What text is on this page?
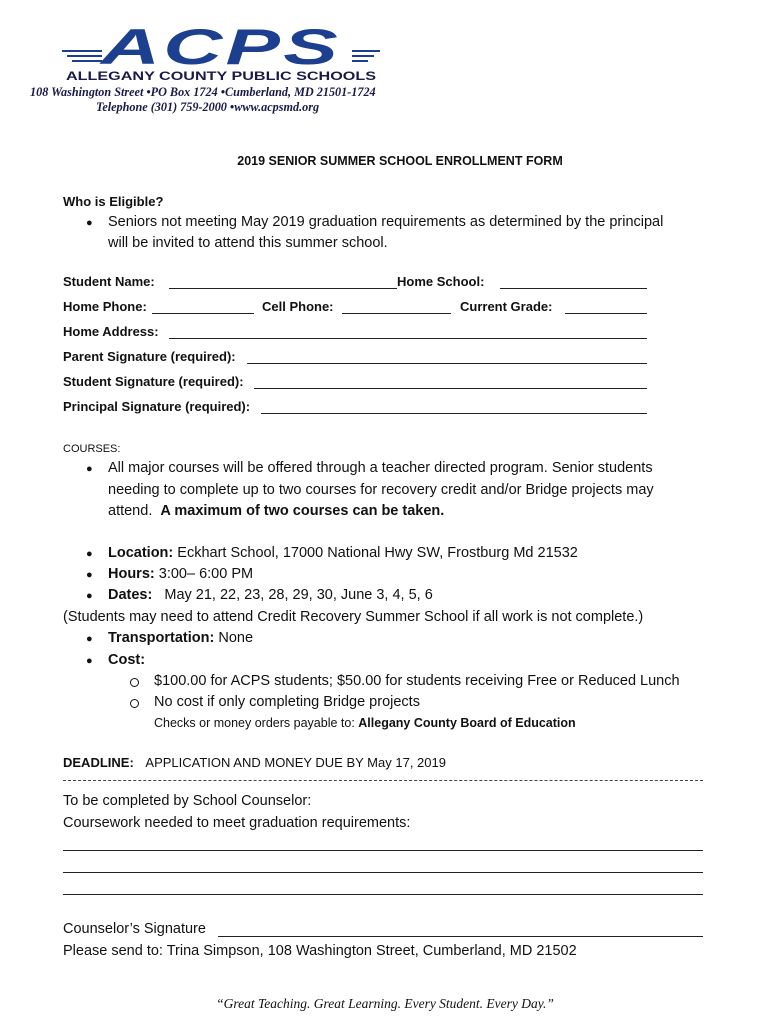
ACPS
ALLEGANY COUNTY PUBLIC SCHOOLS
108 Washington Street •PO Box 1724 •Cumberland, MD 21501-1724
Telephone (301) 759-2000 •www.acpsmd.org
2019 SENIOR SUMMER SCHOOL ENROLLMENT FORM
Who is Eligible?
● Seniors not meeting May 2019 graduation requirements as determined by the principal
will be invited to attend this summer school.
Student Name:	Home School:
Home Phone:	Cell Phone:	Current Grade:
Home Address:
Parent Signature (required):
Student Signature (required):
Principal Signature (required):
COURSES:
● All major courses will be offered through a teacher directed program. Senior students
needing to complete up to two courses for recovery credit and/or Bridge projects may
attend. A maximum of two courses can be taken.
● Location: Eckhart School, 17000 National Hwy SW, Frostburg Md 21532
● Hours: 3:00– 6:00 PM
● Dates: May 21, 22, 23, 28, 29, 30, June 3, 4, 5, 6
(Students may need to attend Credit Recovery Summer School if all work is not complete.)
● Transportation: None
● Cost:
$100.00 for ACPS students; $50.00 for students receiving Free or Reduced Lunch
No cost if only completing Bridge projects
Checks or money orders payable to: Allegany County Board of Education
DEADLINE: APPLICATION AND MONEY DUE BY May 17, 2019
To be completed by School Counselor:
Coursework needed to meet graduation requirements:
Counselor’s Signature
Please send to: Trina Simpson, 108 Washington Street, Cumberland, MD 21502
“Great Teaching. Great Learning. Every Student. Every Day.”
